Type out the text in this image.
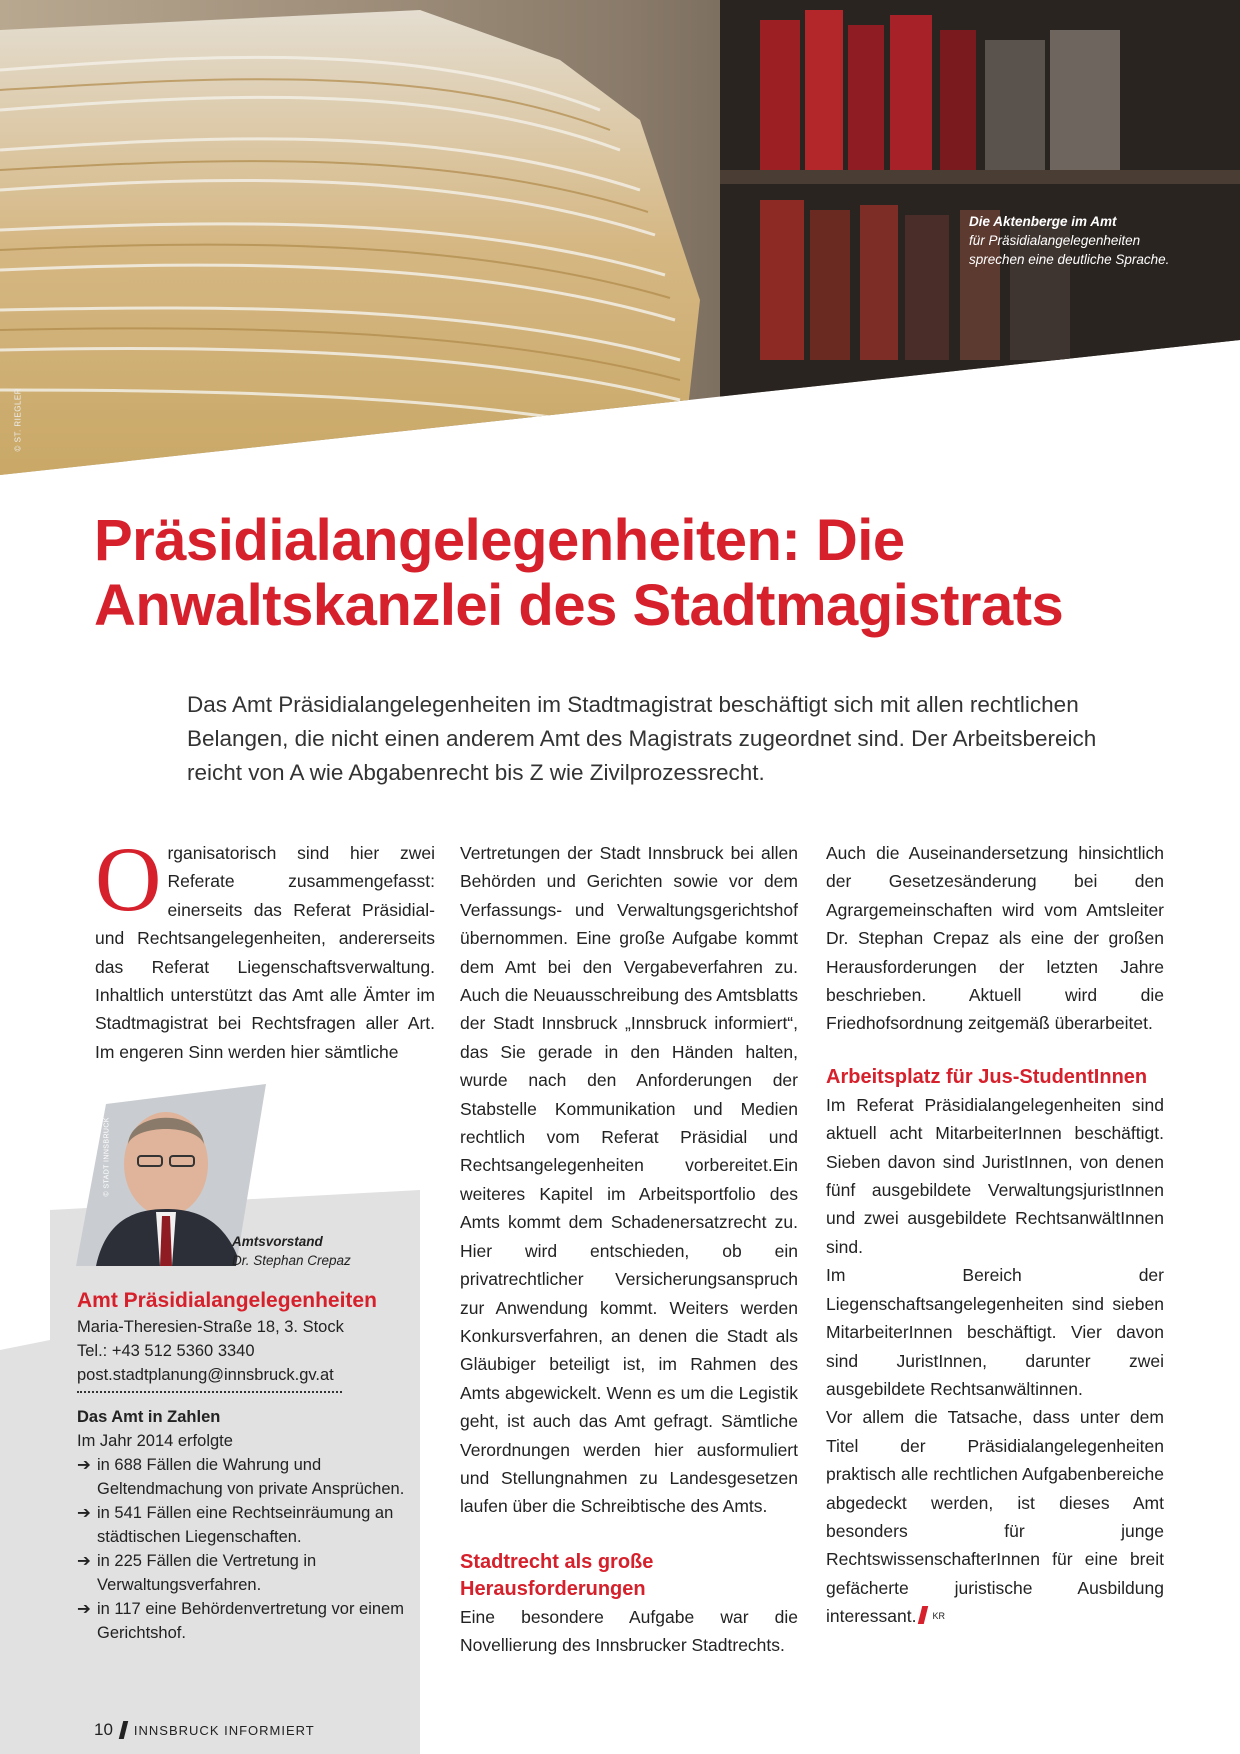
Die Aktenberge im Amt
für Präsidialangelegenheiten sprechen eine deutliche Sprache.
© ST. RIEGLER
Präsidialangelegenheiten: Die Anwaltskanzlei des Stadtmagistrats
Das Amt Präsidialangelegenheiten im Stadtmagistrat beschäftigt sich mit allen rechtlichen Belangen, die nicht einen anderem Amt des Magistrats zugeordnet sind. Der Arbeitsbereich reicht von A wie Abgabenrecht bis Z wie Zivilprozessrecht.
© STADT INNSBRUCK
Amtsvorstand
Dr. Stephan Crepaz
Amt Präsidialangelegenheiten
Maria-Theresien-Straße 18, 3. Stock
Tel.: +43 512 5360 3340
post.stadtplanung@innsbruck.gv.at
Das Amt in Zahlen
Im Jahr 2014 erfolgte
➔ in 688 Fällen die Wahrung und Geltendmachung von private Ansprüchen.
➔ in 541 Fällen eine Rechtseinräumung an städtischen Liegenschaften.
➔ in 225 Fällen die Vertretung in Verwaltungsverfahren.
➔ in 117 eine Behördenvertretung vor einem Gerichtshof.

Organisatorisch sind hier zwei Referate zusammengefasst: einerseits das Referat Präsidial- und Rechtsangelegenheiten, andererseits das Referat Liegenschaftsverwaltung. Inhaltlich unterstützt das Amt alle Ämter im Stadtmagistrat bei Rechtsfragen aller Art. Im engeren Sinn werden hier sämtliche

Vertretungen der Stadt Innsbruck bei allen Behörden und Gerichten sowie vor dem Verfassungs- und Verwaltungsgerichtshof übernommen. Eine große Aufgabe kommt dem Amt bei den Vergabeverfahren zu. Auch die Neuausschreibung des Amtsblatts der Stadt Innsbruck „Innsbruck informiert“, das Sie gerade in den Händen halten, wurde nach den Anforderungen der Stabstelle Kommunikation und Medien rechtlich vom Referat Präsidial und Rechtsangelegenheiten vorbereitet.Ein weiteres Kapitel im Arbeitsportfolio des Amts kommt dem Schadenersatzrecht zu. Hier wird entschieden, ob ein privatrechtlicher Versicherungsanspruch zur Anwendung kommt. Weiters werden Konkursverfahren, an denen die Stadt als Gläubiger beteiligt ist, im Rahmen des Amts abgewickelt. Wenn es um die Legistik geht, ist auch das Amt gefragt. Sämtliche Verordnungen werden hier ausformuliert und Stellungnahmen zu Landesgesetzen laufen über die Schreibtische des Amts.

Stadtrecht als große Herausforderungen

Eine besondere Aufgabe war die Novellierung des Innsbrucker Stadtrechts.

Auch die Auseinandersetzung hinsichtlich der Gesetzesänderung bei den Agrargemeinschaften wird vom Amtsleiter Dr. Stephan Crepaz als eine der großen Herausforderungen der letzten Jahre beschrieben. Aktuell wird die Friedhofsordnung zeitgemäß überarbeitet.

Arbeitsplatz für Jus-StudentInnen

Im Referat Präsidialangelegenheiten sind aktuell acht MitarbeiterInnen beschäftigt. Sieben davon sind JuristInnen, von denen fünf ausgebildete VerwaltungsjuristInnen und zwei ausgebildete RechtsanwältInnen sind.

Im Bereich der Liegenschaftsangelegenheiten sind sieben MitarbeiterInnen beschäftigt. Vier davon sind JuristInnen, darunter zwei ausgebildete Rechtsanwältinnen.

Vor allem die Tatsache, dass unter dem Titel der Präsidialangelegenheiten praktisch alle rechtlichen Aufgabenbereiche abgedeckt werden, ist dieses Amt besonders für junge RechtswissenschafterInnen für eine breit gefächerte juristische Ausbildung interessant. $^{KR}$

10 INNSBRUCK INFORMIERT
